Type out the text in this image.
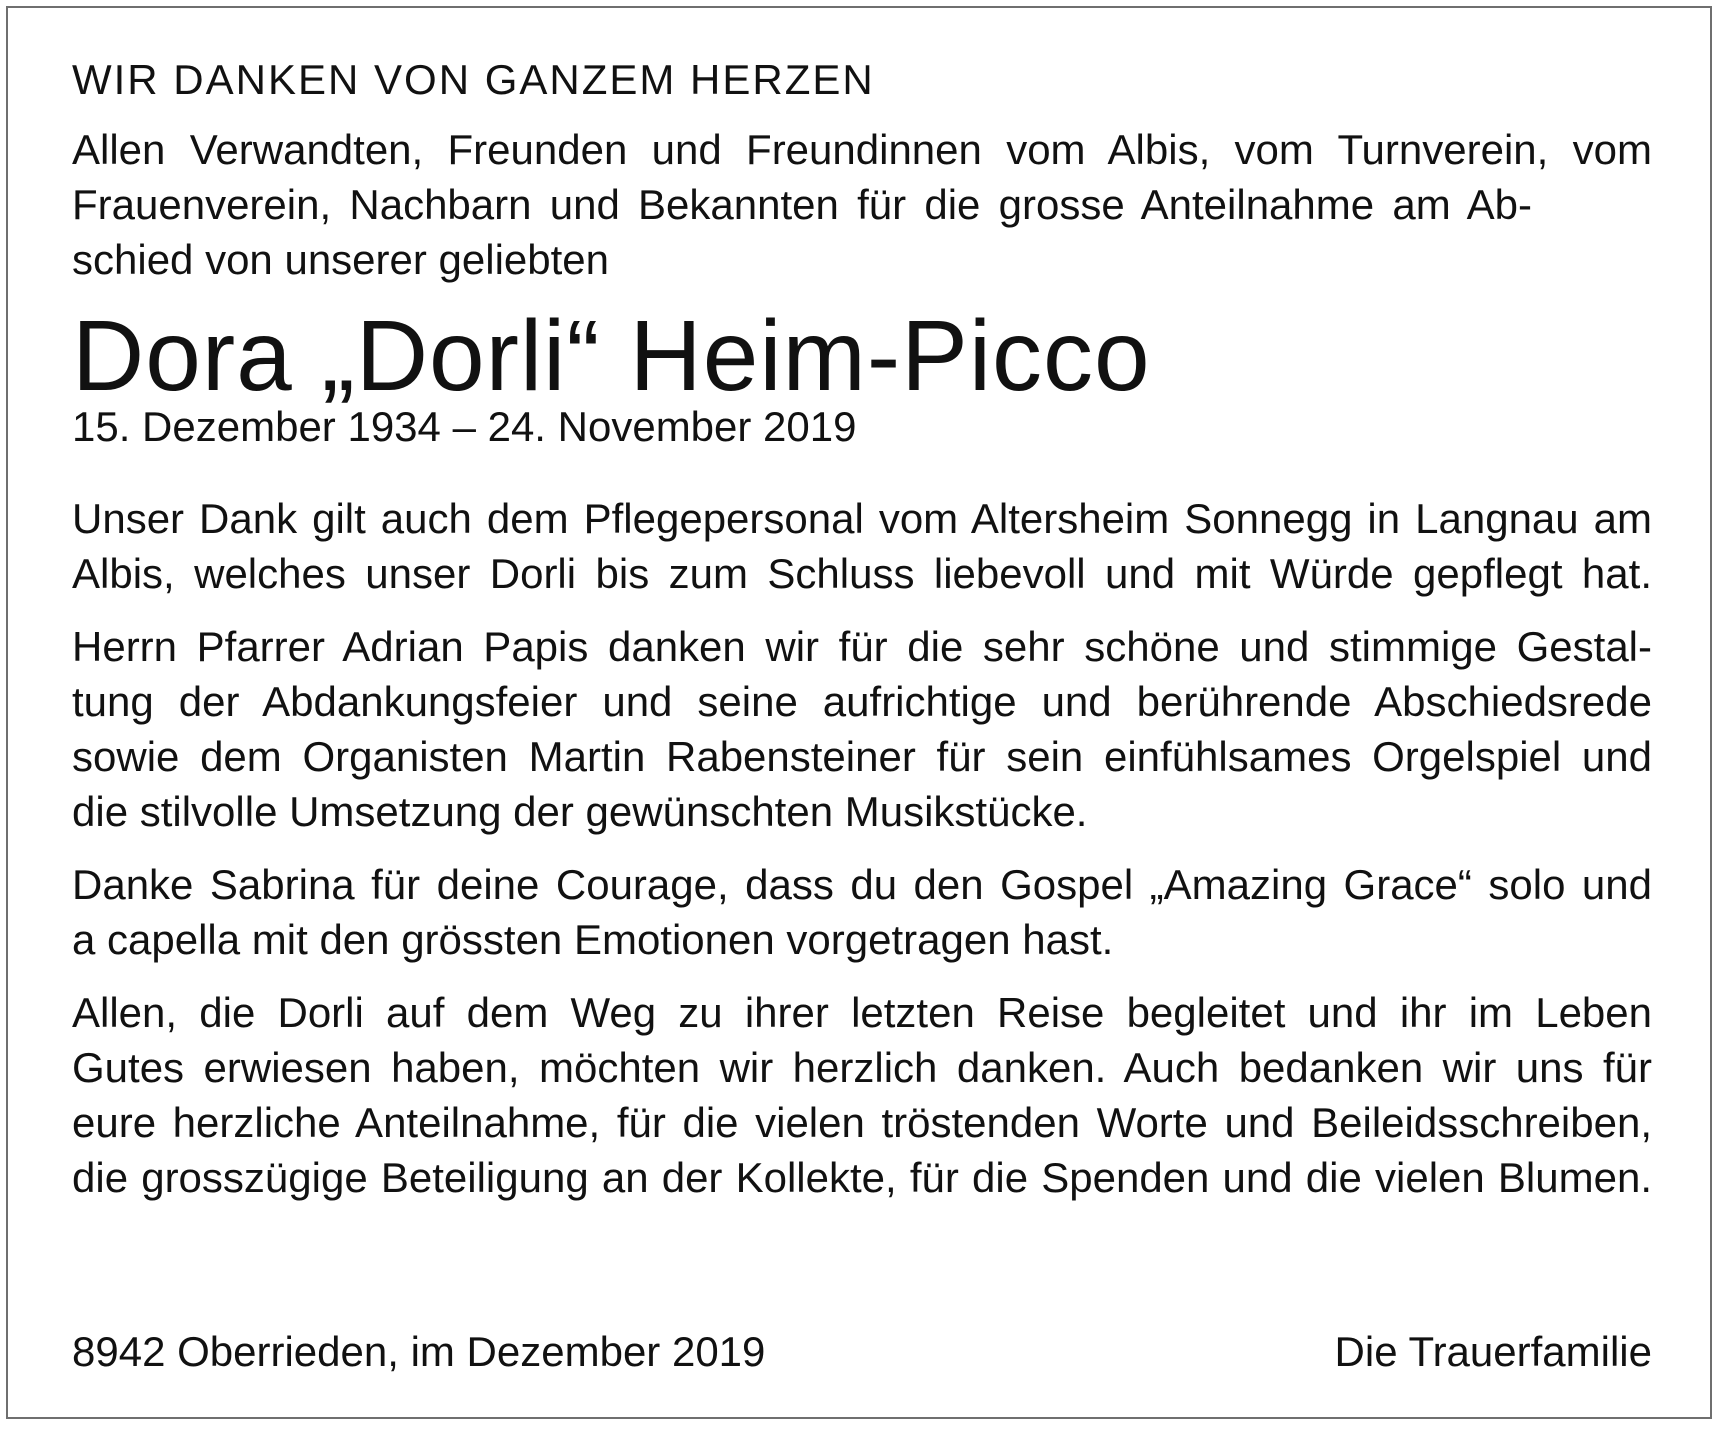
WIR DANKEN VON GANZEM HERZEN
Allen Verwandten, Freunden und Freundinnen vom Albis, vom Turnverein, vom
Frauenverein, Nachbarn und Bekannten für die grosse Anteilnahme am Ab-
schied von unserer geliebten
Dora „Dorli“ Heim-Picco
15. Dezember 1934 – 24. November 2019
Unser Dank gilt auch dem Pflegepersonal vom Altersheim Sonnegg in Langnau am
Albis, welches unser Dorli bis zum Schluss liebevoll und mit Würde gepflegt hat.
Herrn Pfarrer Adrian Papis danken wir für die sehr schöne und stimmige Gestal-
tung der Abdankungsfeier und seine aufrichtige und berührende Abschiedsrede
sowie dem Organisten Martin Rabensteiner für sein einfühlsames Orgelspiel und
die stilvolle Umsetzung der gewünschten Musikstücke.
Danke Sabrina für deine Courage, dass du den Gospel „Amazing Grace“ solo und
a capella mit den grössten Emotionen vorgetragen hast.
Allen, die Dorli auf dem Weg zu ihrer letzten Reise begleitet und ihr im Leben
Gutes erwiesen haben, möchten wir herzlich danken. Auch bedanken wir uns für
eure herzliche Anteilnahme, für die vielen tröstenden Worte und Beileidsschreiben,
die grosszügige Beteiligung an der Kollekte, für die Spenden und die vielen Blumen.
8942 Oberrieden, im Dezember 2019	Die Trauerfamilie
